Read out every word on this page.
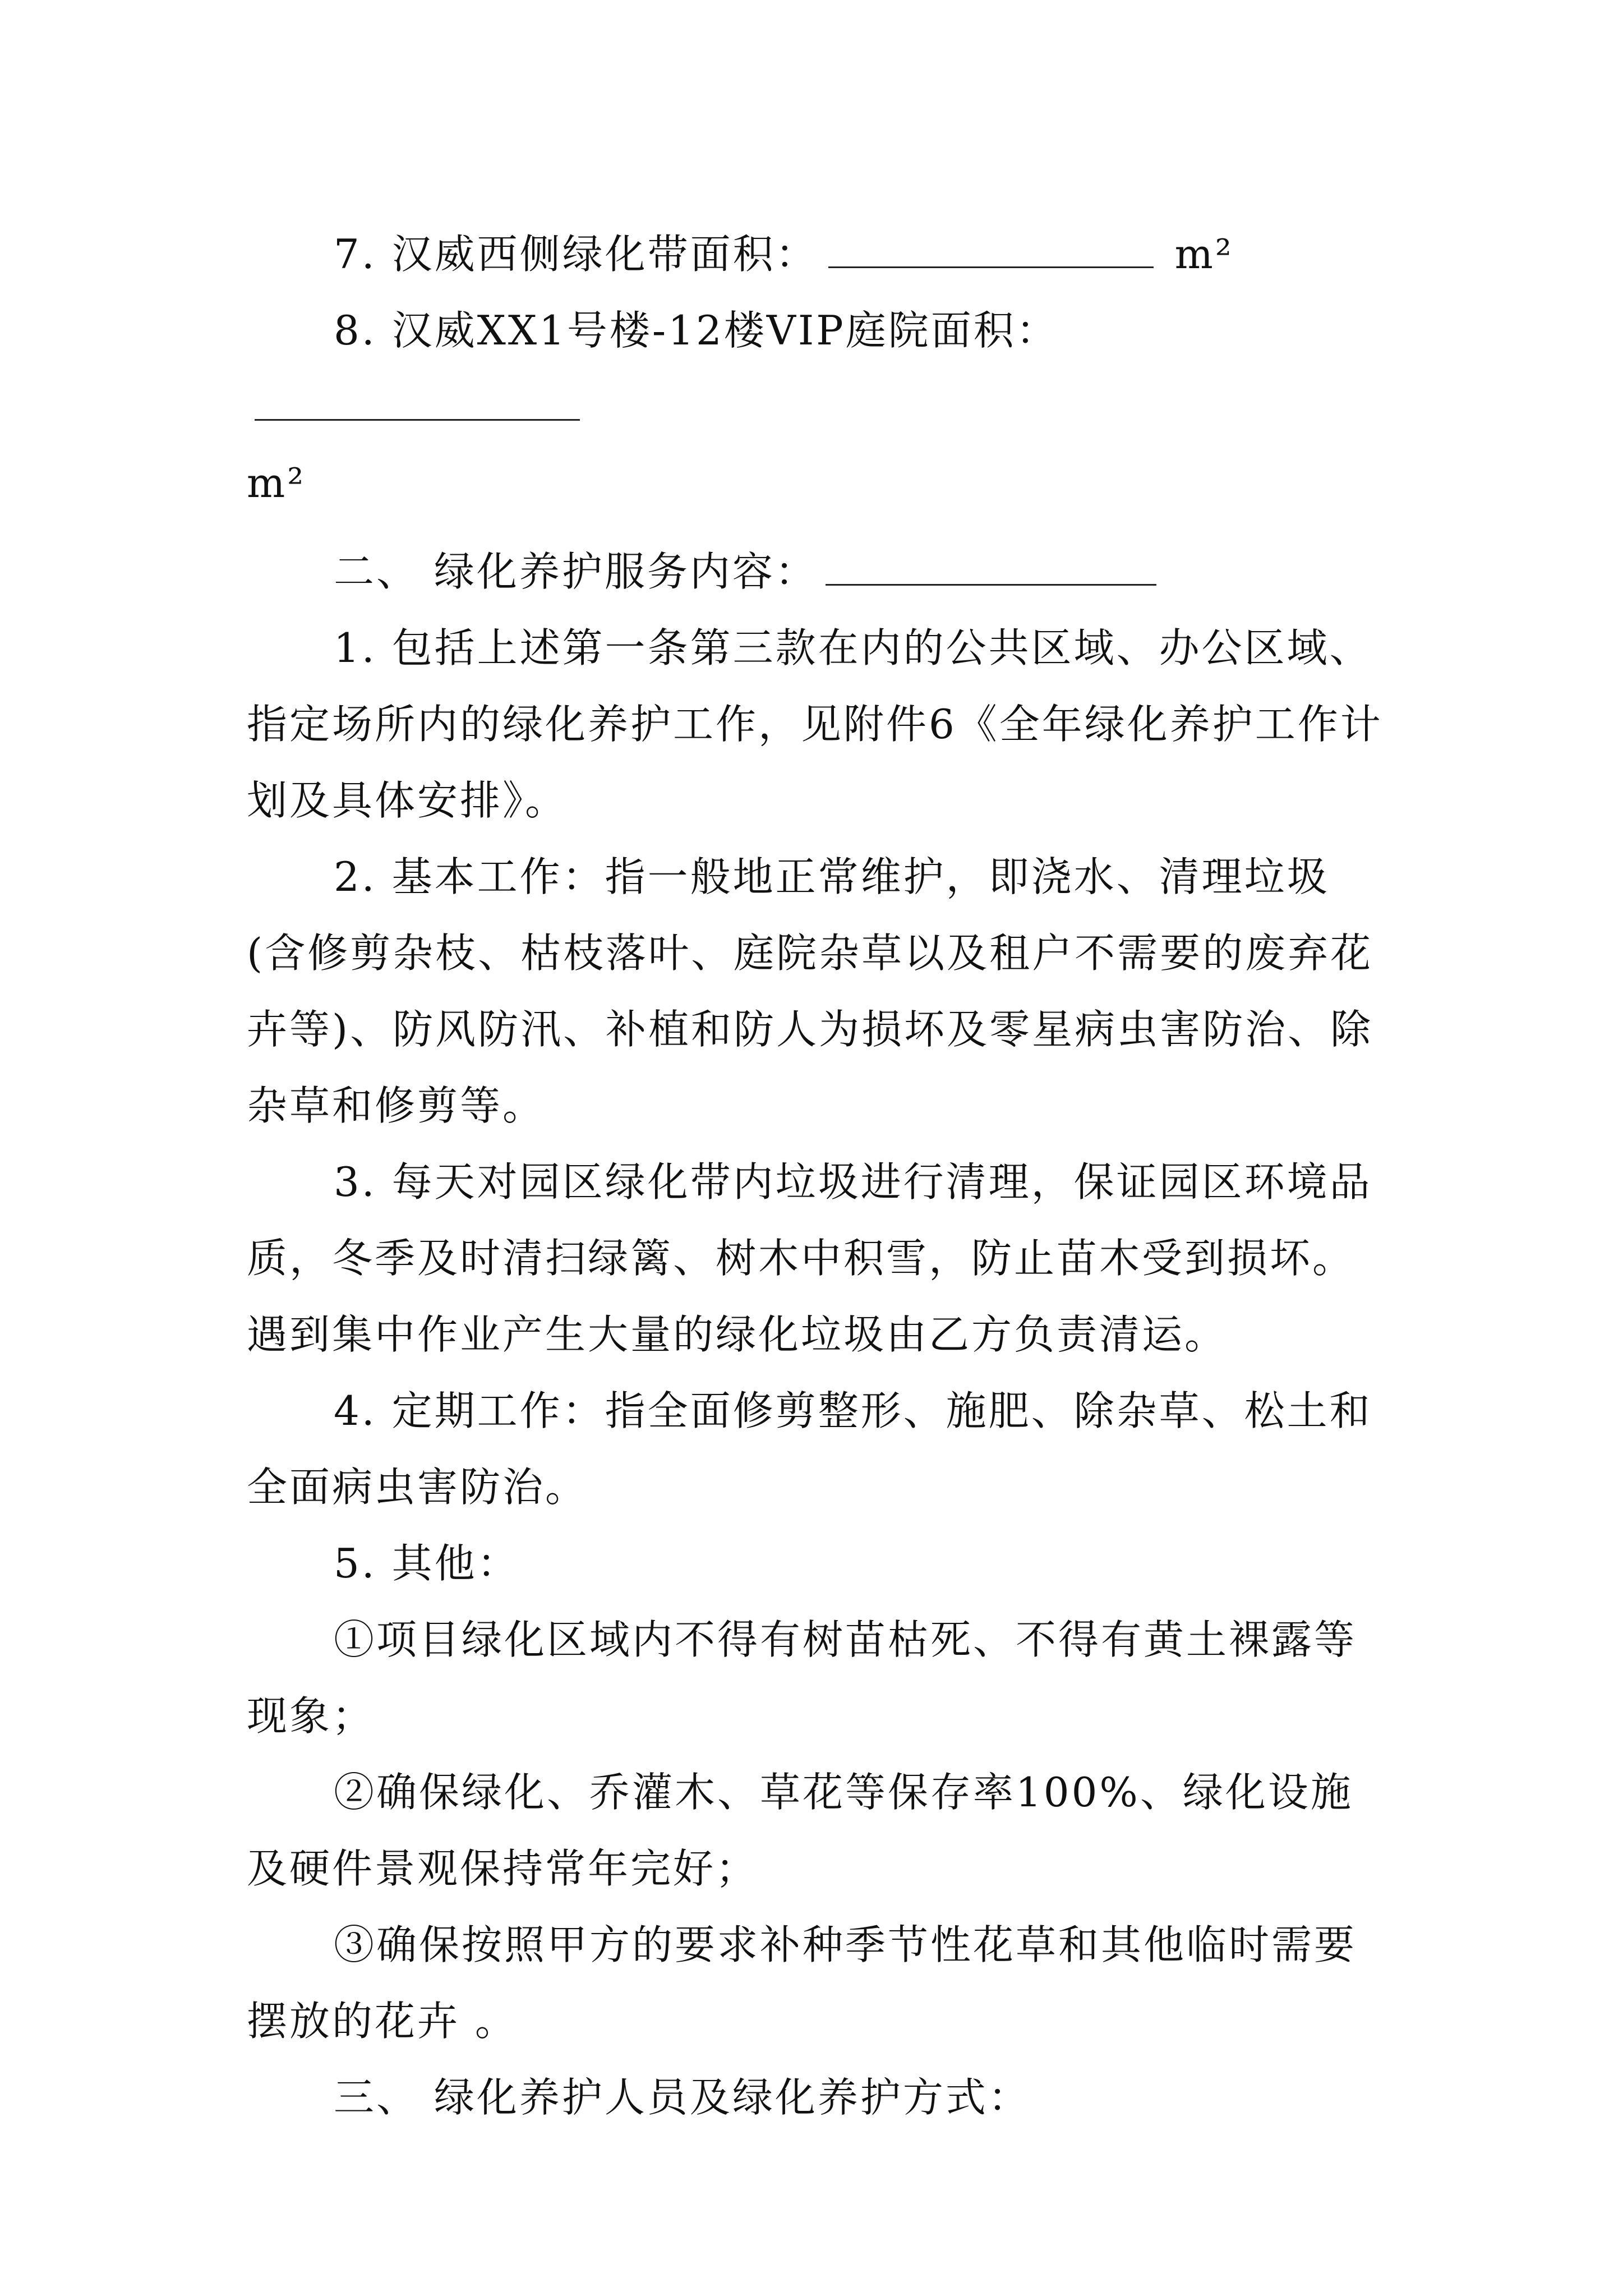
7. 汉威西侧绿化带面积：	m²

8. 汉威XX1号楼-12楼VIP庭院面积：
m²

二、 绿化养护服务内容：

1. 包括上述第一条第三款在内的公共区域、办公区域、指定场所内的绿化养护工作，见附件6《全年绿化养护工作计划及具体安排》。

2. 基本工作：指一般地正常维护，即浇水、清理垃圾(含修剪杂枝、枯枝落叶、庭院杂草以及租户不需要的废弃花卉等)、防风防汛、补植和防人为损坏及零星病虫害防治、除杂草和修剪等。

3. 每天对园区绿化带内垃圾进行清理，保证园区环境品质，冬季及时清扫绿篱、树木中积雪，防止苗木受到损坏。遇到集中作业产生大量的绿化垃圾由乙方负责清运。

4. 定期工作：指全面修剪整形、施肥、除杂草、松土和全面病虫害防治。

5. 其他：

①项目绿化区域内不得有树苗枯死、不得有黄土裸露等现象；

②确保绿化、乔灌木、草花等保存率100%、绿化设施及硬件景观保持常年完好；

③确保按照甲方的要求补种季节性花草和其他临时需要摆放的花卉 。

三、 绿化养护人员及绿化养护方式：
